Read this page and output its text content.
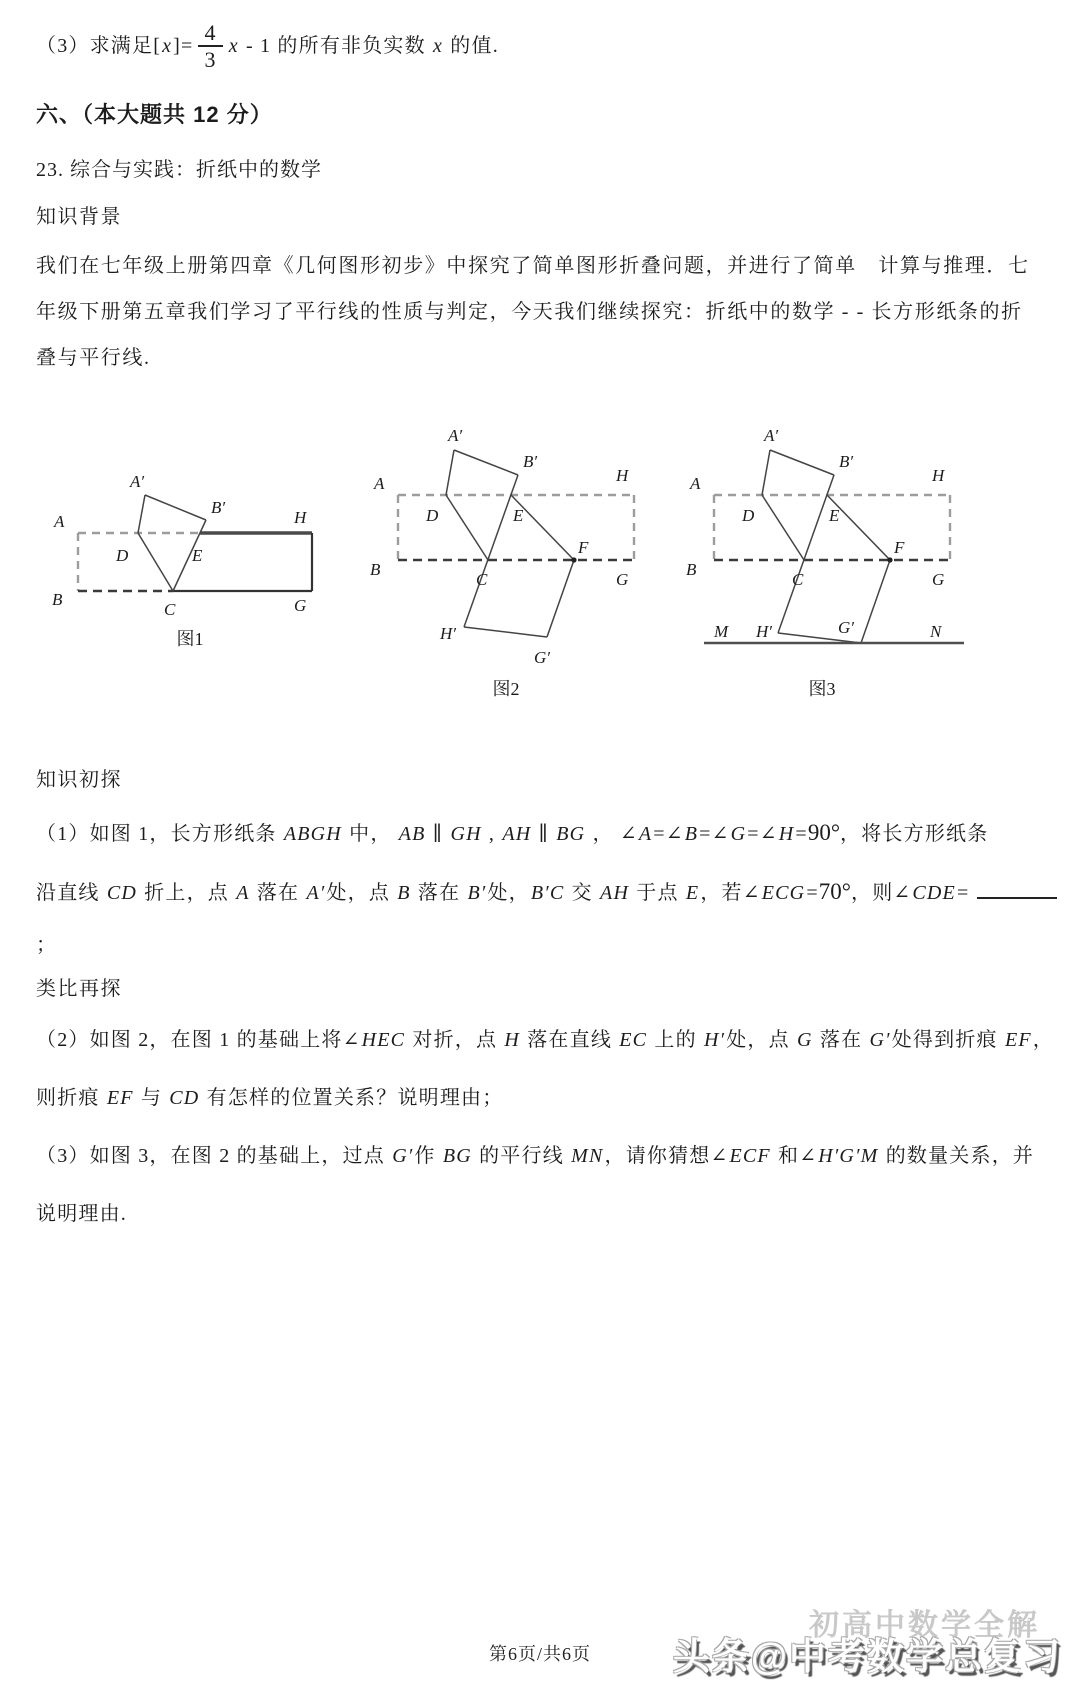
（3）求满足$[x]= \frac{4}{3}$ x - 1 的所有非负实数 x 的值.

六、（本大题共 12 分）

23. 综合与实践：折纸中的数学

知识背景

我们在七年级上册第四章《几何图形初步》中探究了简单图形折叠问题，并进行了简单　计算与推理．七

年级下册第五章我们学习了平行线的性质与判定，今天我们继续探究：折纸中的数学 - - 长方形纸条的折

叠与平行线.

A	H
B	G
D	E
C
A′
B′
图1
A	H
B
G
D	E
F
C
H′
G′
A′
B′
图2
A	H
B
G
D	E
F
C
M H′	G′	N
A′
B′
图3

知识初探

（1）如图 1，长方形纸条 ABGH 中， AB ∥ GH , AH ∥ BG ， ∠A=∠B=∠G=∠H=90°，将长方形纸条

沿直线 CD 折上，点 A 落在 A′处，点 B 落在 B′处，B′C 交 AH 于点 E，若∠ECG=70°，则∠CDE=

；

类比再探

（2）如图 2，在图 1 的基础上将∠HEC 对折，点 H 落在直线 EC 上的 H′处，点 G 落在 G′处得到折痕 EF，

则折痕 EF 与 CD 有怎样的位置关系？说明理由；

（3）如图 3，在图 2 的基础上，过点 G′作 BG 的平行线 MN，请你猜想∠ECF 和∠H′G′M 的数量关系，并

说明理由.

第6页/共6页
初高中数学全解
头条@中考数学总复习
